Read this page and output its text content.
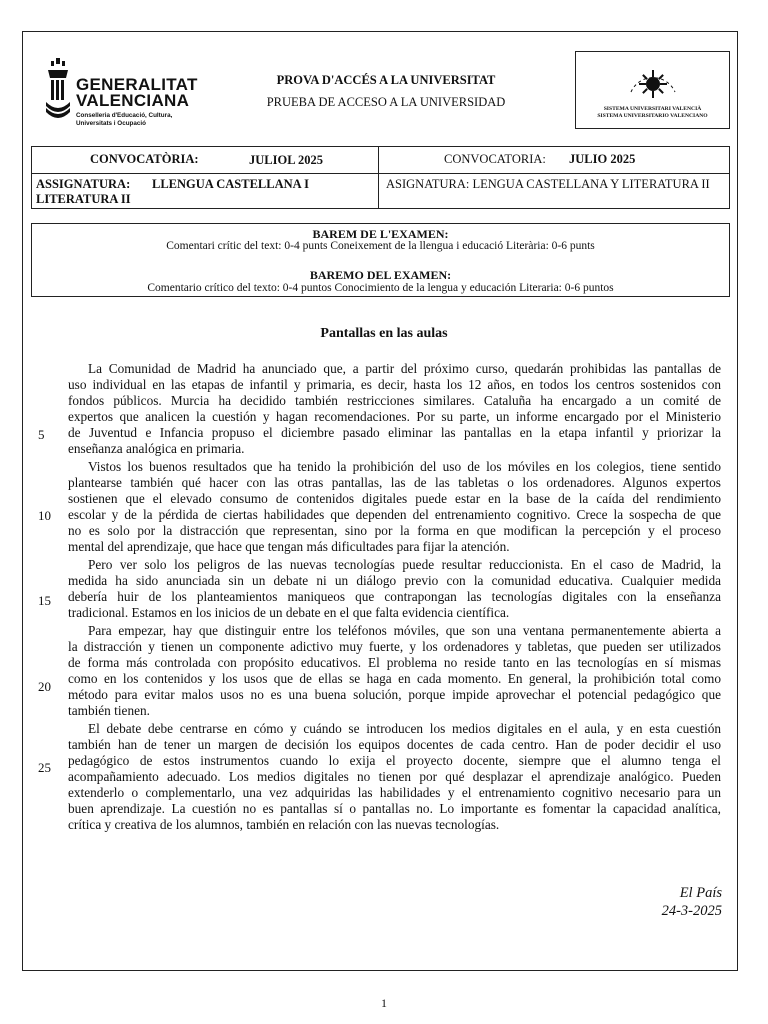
GENERALITAT
VALENCIANA
Conselleria d'Educació, Cultura,
Universitats i Ocupació
PROVA D'ACCÉS A LA UNIVERSITAT
PRUEBA DE ACCESO A LA UNIVERSIDAD	SISTEMA UNIVERSITARI VALENCIÀ
SISTEMA UNIVERSITARIO VALENCIANO
CONVOCATÒRIA:	JULIOL 2025	CONVOCATORIA: JULIO 2025
ASSIGNATURA: LLENGUA CASTELLANA I
LITERATURA II
ASIGNATURA: LENGUA CASTELLANA Y LITERATURA II
BAREM DE L'EXAMEN:
Comentari crític del text: 0-4 punts Coneixement de la llengua i educació Literària: 0-6 punts
BAREMO DEL EXAMEN:
Comentario crítico del texto: 0-4 puntos Conocimiento de la lengua y educación Literaria: 0-6 puntos
Pantallas en las aulas
La Comunidad de Madrid ha anunciado que, a partir del próximo curso, quedarán prohibidas las pantallas de
uso individual en las etapas de infantil y primaria, es decir, hasta los 12 años, en todos los centros sostenidos con
fondos públicos. Murcia ha decidido también restricciones similares. Cataluña ha encargado a un comité de
expertos que analicen la cuestión y hagan recomendaciones. Por su parte, un informe encargado por el Ministerio
de Juventud e Infancia propuso el diciembre pasado eliminar las pantallas en la etapa infantil y priorizar la
enseñanza analógica en primaria.
Vistos los buenos resultados que ha tenido la prohibición del uso de los móviles en los colegios, tiene sentido
plantearse también qué hacer con las otras pantallas, las de las tabletas o los ordenadores. Algunos expertos
sostienen que el elevado consumo de contenidos digitales puede estar en la base de la caída del rendimiento
escolar y de la pérdida de ciertas habilidades que dependen del entrenamiento cognitivo. Crece la sospecha de que
no es solo por la distracción que representan, sino por la forma en que modifican la percepción y el proceso
mental del aprendizaje, que hace que tengan más dificultades para fijar la atención.
Pero ver solo los peligros de las nuevas tecnologías puede resultar reduccionista. En el caso de Madrid, la
medida ha sido anunciada sin un debate ni un diálogo previo con la comunidad educativa. Cualquier medida
debería huir de los planteamientos maniqueos que contrapongan las tecnologías digitales con la enseñanza
tradicional. Estamos en los inicios de un debate en el que falta evidencia científica.
Para empezar, hay que distinguir entre los teléfonos móviles, que son una ventana permanentemente abierta a
la distracción y tienen un componente adictivo muy fuerte, y los ordenadores y tabletas, que pueden ser utilizados
de forma más controlada con propósito educativos. El problema no reside tanto en las tecnologías en sí mismas
como en los contenidos y los usos que de ellas se haga en cada momento. En general, la prohibición total como
método para evitar malos usos no es una buena solución, porque impide aprovechar el potencial pedagógico que
también tienen.
El debate debe centrarse en cómo y cuándo se introducen los medios digitales en el aula, y en esta cuestión
también han de tener un margen de decisión los equipos docentes de cada centro. Han de poder decidir el uso
pedagógico de estos instrumentos cuando lo exija el proyecto docente, siempre que el alumno tenga el
acompañamiento adecuado. Los medios digitales no tienen por qué desplazar el aprendizaje analógico. Pueden
extenderlo o complementarlo, una vez adquiridas las habilidades y el entrenamiento cognitivo necesario para un
buen aprendizaje. La cuestión no es pantallas sí o pantallas no. Lo importante es fomentar la capacidad analítica,
crítica y creativa de los alumnos, también en relación con las nuevas tecnologías.
5
10
15
20
25
El País
24-3-2025
1
